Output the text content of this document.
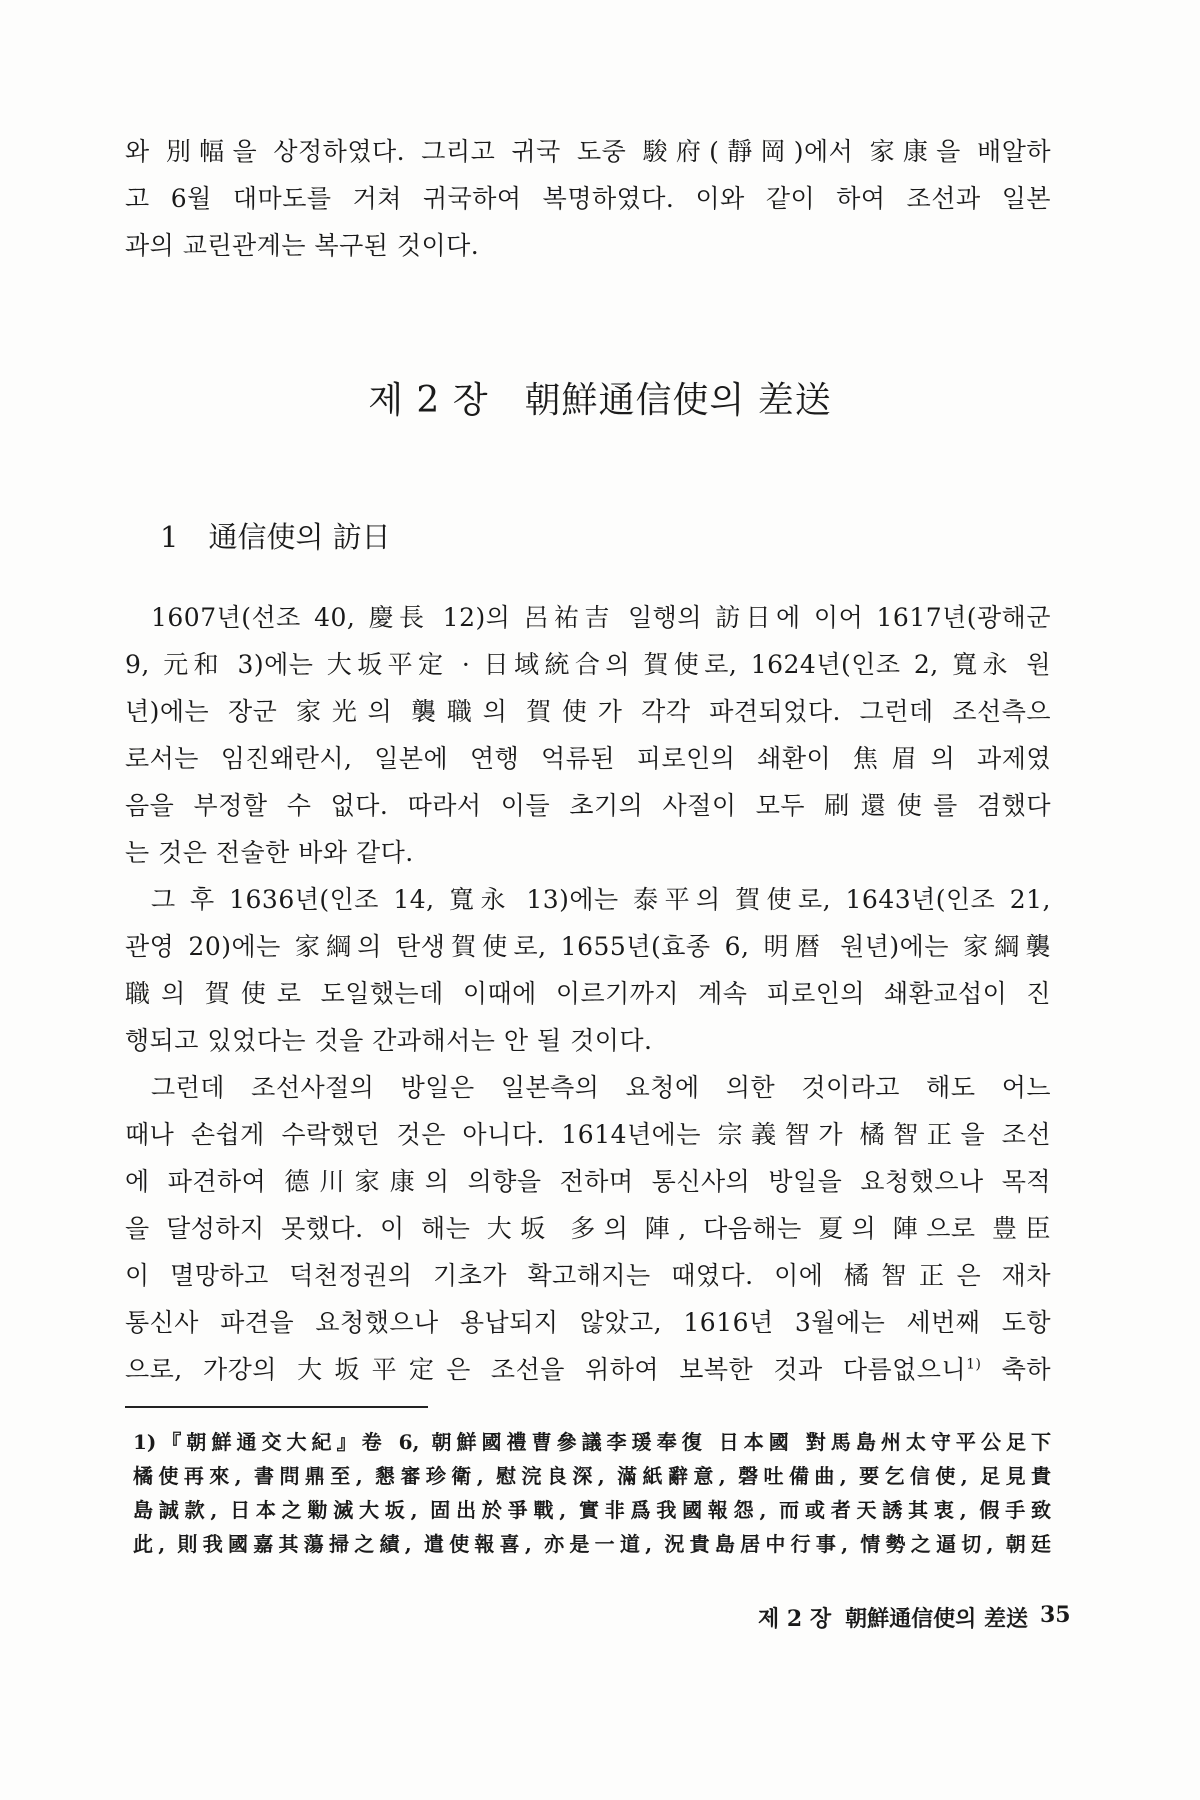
와 別幅을 상정하였다. 그리고 귀국 도중 駿府(靜岡)에서 家康을 배알하
고 6월 대마도를 거쳐 귀국하여 복명하였다. 이와 같이 하여 조선과 일본
과의 교린관계는 복구된 것이다.
제 2 장 朝鮮通信使의 差送
1 通信使의 訪日
1607년(선조 40, 慶長 12)의 呂祐吉 일행의 訪日에 이어 1617년(광해군
9, 元和 3)에는 大坂平定 · 日域統合의 賀使로, 1624년(인조 2, 寬永 원
년)에는 장군 家光의 襲職의 賀使가 각각 파견되었다. 그런데 조선측으
로서는 임진왜란시, 일본에 연행 억류된 피로인의 쇄환이 焦眉의 과제였
음을 부정할 수 없다. 따라서 이들 초기의 사절이 모두 刷還使를 겸했다
는 것은 전술한 바와 같다.
그 후 1636년(인조 14, 寬永 13)에는 泰平의 賀使로, 1643년(인조 21,
관영 20)에는 家綱의 탄생賀使로, 1655년(효종 6, 明暦 원년)에는 家綱襲
職의 賀使로 도일했는데 이때에 이르기까지 계속 피로인의 쇄환교섭이 진
행되고 있었다는 것을 간과해서는 안 될 것이다.
그런데 조선사절의 방일은 일본측의 요청에 의한 것이라고 해도 어느
때나 손쉽게 수락했던 것은 아니다. 1614년에는 宗義智가 橘智正을 조선
에 파견하여 德川家康의 의향을 전하며 통신사의 방일을 요청했으나 목적
을 달성하지 못했다. 이 해는 大坂 多의 陣, 다음해는 夏의 陣으로 豊臣
이 멸망하고 덕천정권의 기초가 확고해지는 때였다. 이에 橘智正은 재차
통신사 파견을 요청했으나 용납되지 않았고, 1616년 3월에는 세번째 도항
으로, 가강의 大坂平定은 조선을 위하여 보복한 것과 다름없으니$^{1)}$ 축하
1)『朝鮮通交大紀』卷 6, 朝鮮國禮曹參議李瑗奉復 日本國 對馬島州太守平公足下
橘使再來, 書問鼎至, 懇審珍衛, 慰浣良深, 滿紙辭意, 磬吐備曲, 要乞信使, 足見貴
島誠款, 日本之勦滅大坂, 固出於爭戰, 實非爲我國報怨, 而或者天誘其衷, 假手致
此, 則我國嘉其蕩掃之績, 遣使報喜, 亦是一道, 況貴島居中行事, 情勢之逼切, 朝廷
제 2 장 朝鮮通信使의 差送 35
